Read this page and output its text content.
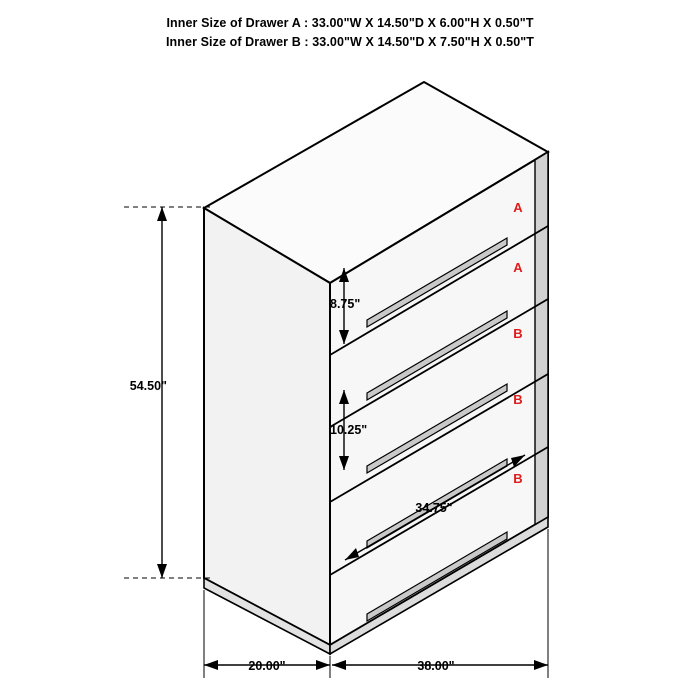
Inner Size of Drawer A : 33.00"W X 14.50"D X 6.00"H X 0.50"T
Inner Size of Drawer B : 33.00"W X 14.50"D X 7.50"H X 0.50"T
A
A
B
B
B
54.50"
8.75"
10.25"
34.75"
20.00"	38.00"
